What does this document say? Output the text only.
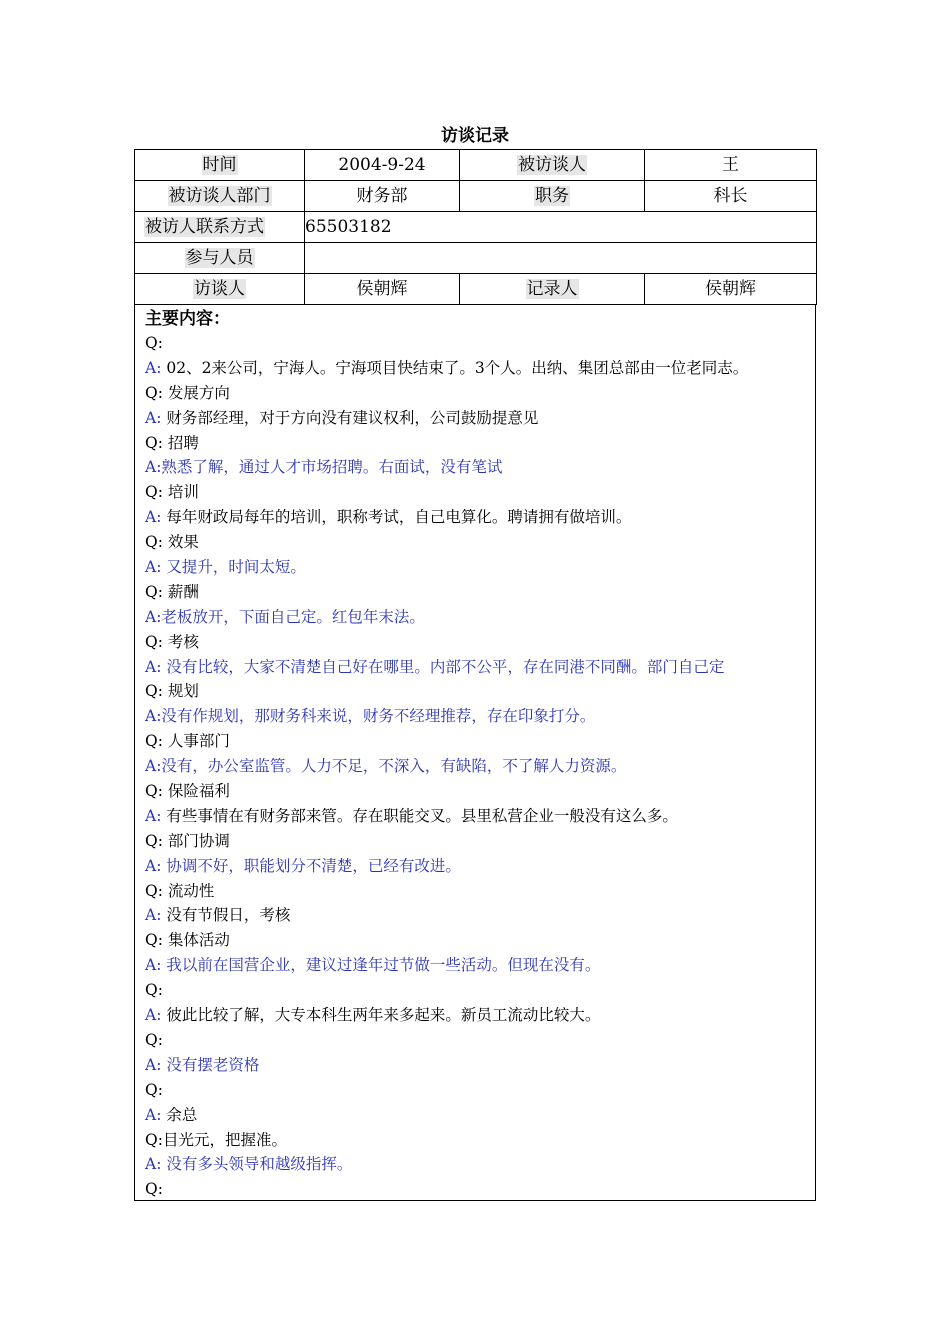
访谈记录
时间	2004-9-24	被访谈人	王
被访谈人部门	财务部	职务	科长
被访人联系方式	65503182		
参与人员			
访谈人	侯朝辉	记录人	侯朝辉
主要内容：
Q:
A: 02、2来公司，宁海人。宁海项目快结束了。3个人。出纳、集团总部由一位老同志。
Q: 发展方向
A: 财务部经理，对于方向没有建议权利，公司鼓励提意见
Q: 招聘
A:熟悉了解，通过人才市场招聘。右面试，没有笔试
Q: 培训
A: 每年财政局每年的培训，职称考试，自己电算化。聘请拥有做培训。
Q: 效果
A: 又提升，时间太短。
Q: 薪酬
A:老板放开，下面自己定。红包年末法。
Q: 考核
A: 没有比较，大家不清楚自己好在哪里。内部不公平，存在同港不同酬。部门自己定
Q: 规划
A:没有作规划，那财务科来说，财务不经理推荐，存在印象打分。
Q: 人事部门
A:没有，办公室监管。人力不足，不深入，有缺陷，不了解人力资源。
Q: 保险福利
A: 有些事情在有财务部来管。存在职能交叉。县里私营企业一般没有这么多。
Q: 部门协调
A: 协调不好，职能划分不清楚，已经有改进。
Q: 流动性
A: 没有节假日，考核
Q: 集体活动
A: 我以前在国营企业，建议过逢年过节做一些活动。但现在没有。
Q:
A: 彼此比较了解，大专本科生两年来多起来。新员工流动比较大。
Q:
A: 没有摆老资格
Q:
A: 余总
Q:目光元，把握准。
A: 没有多头领导和越级指挥。
Q:
